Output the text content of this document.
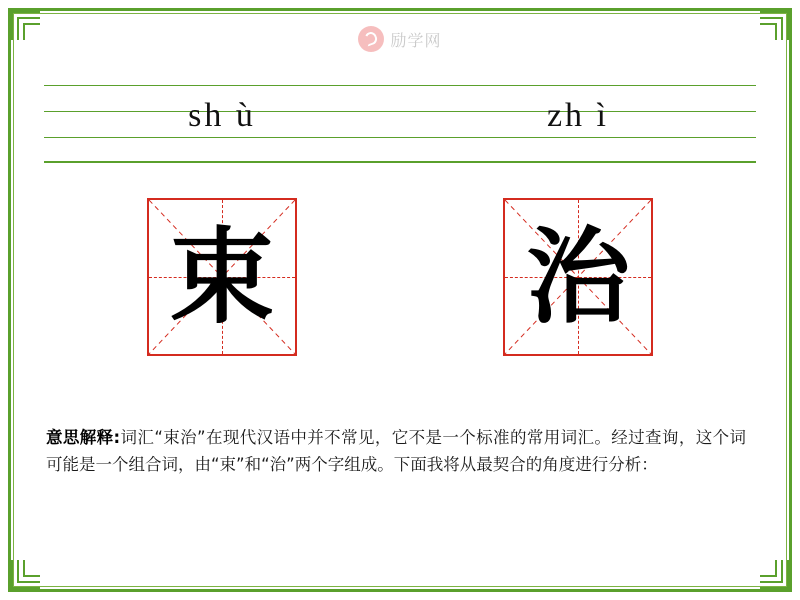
励学网
sh ù	zh ì
束 治
意思解释:词汇“束治”在现代汉语中并不常见，它不是一个标准的常用词汇。经过查询，这个词可能是一个组合词，由“束”和“治”两个字组成。下面我将从最契合的角度进行分析：
